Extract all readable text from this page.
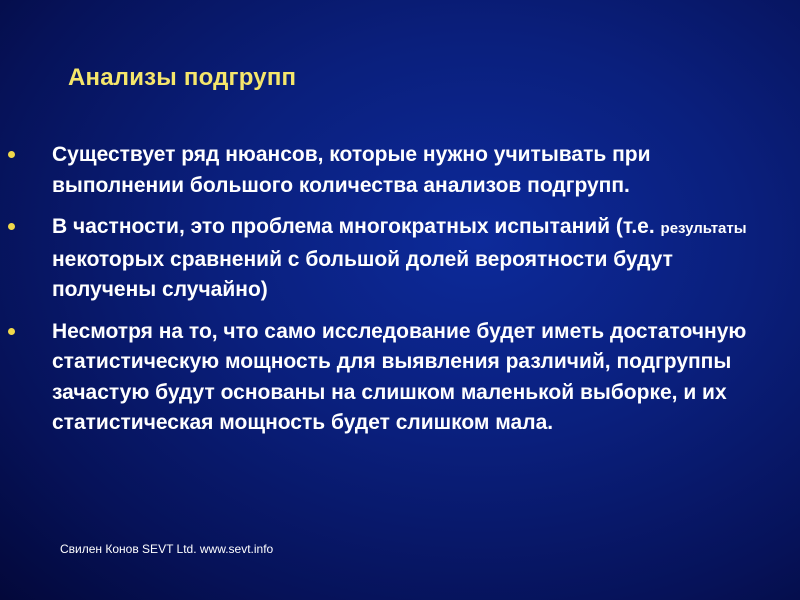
Анализы подгрупп
Существует ряд нюансов, которые нужно учитывать при выполнении большого количества анализов подгрупп.
В частности, это проблема многократных испытаний (т.е. результаты некоторых сравнений с большой долей вероятности будут получены случайно)
Несмотря на то, что само исследование будет иметь достаточную статистическую мощность для выявления различий, подгруппы зачастую будут основаны на слишком маленькой выборке, и их статистическая мощность будет слишком мала.
Свилен Конов SEVT Ltd. www.sevt.info
